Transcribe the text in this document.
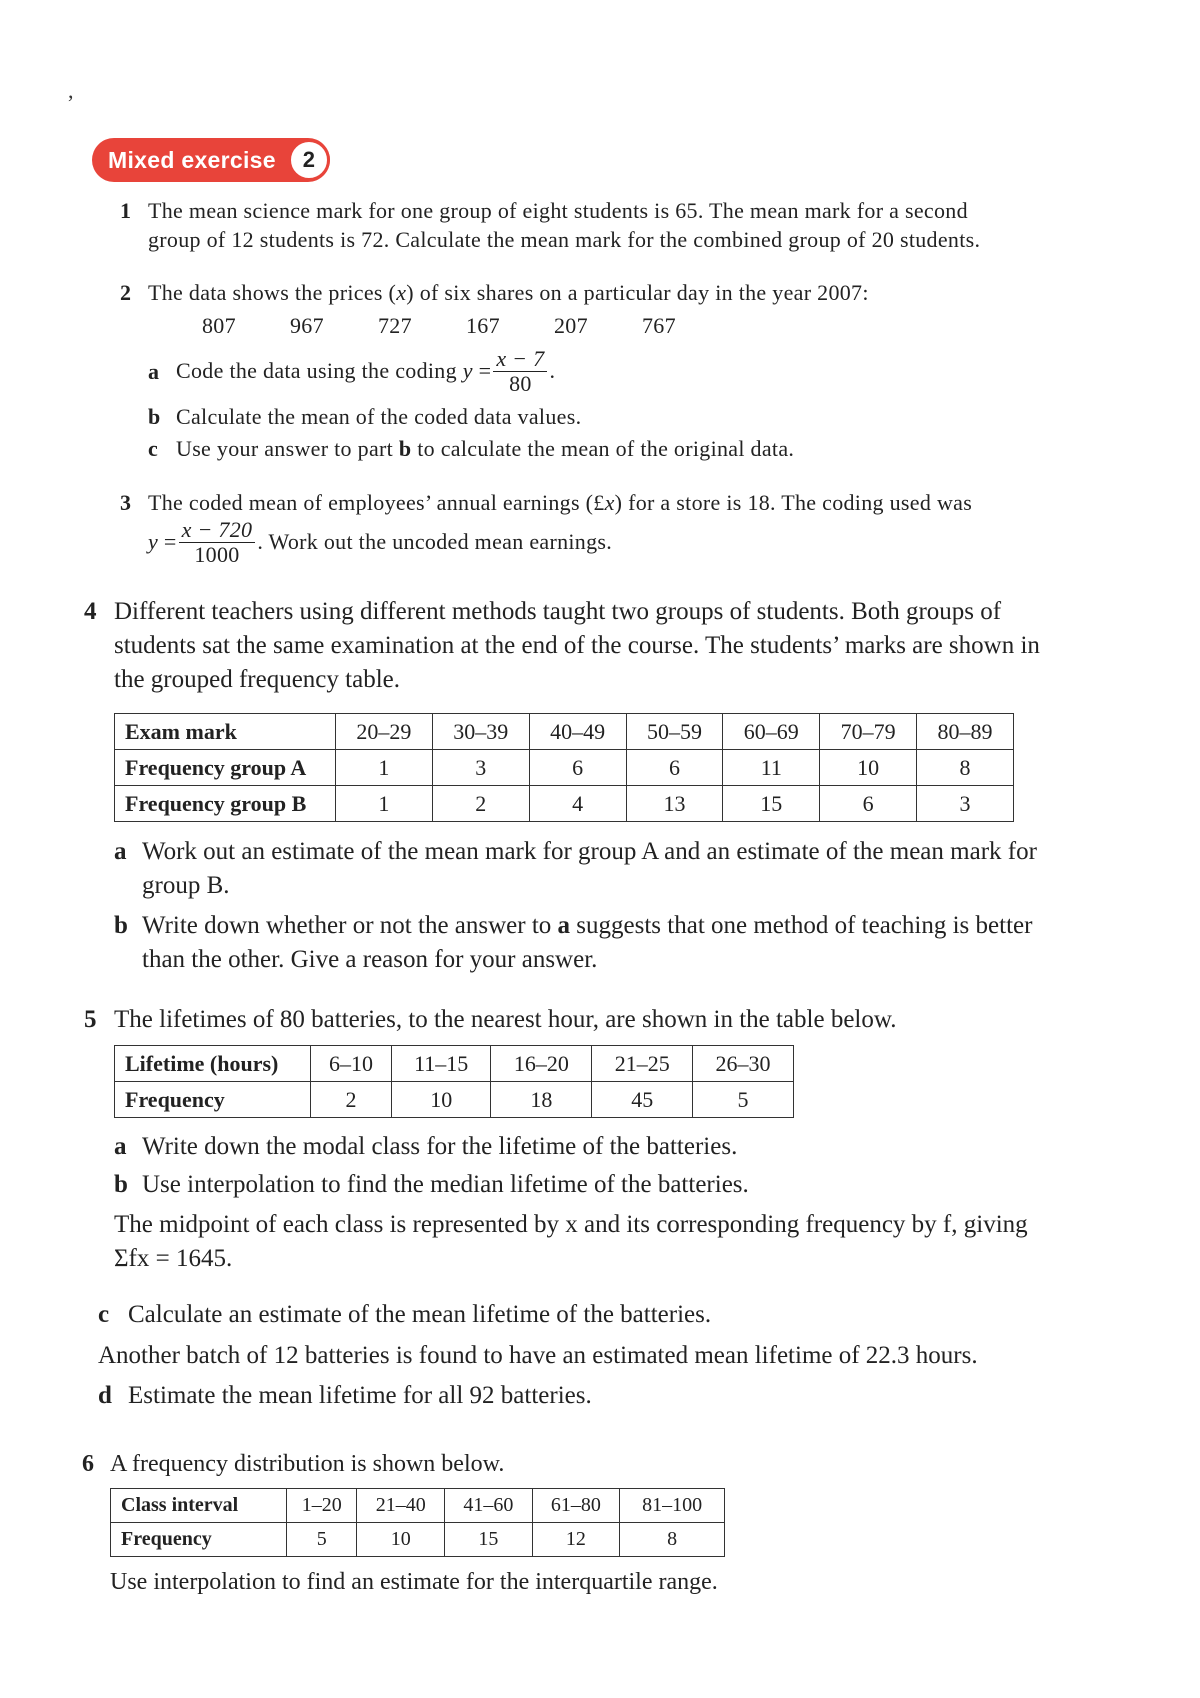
,
Mixed exercise	2
1 The mean science mark for one group of eight students is 65. The mean mark for a second
group of 12 students is 72. Calculate the mean mark for the combined group of 20 students.
2 The data shows the prices (x) of six shares on a particular day in the year 2007:
807	967	727	167	207	767
a Code the data using the coding
y
= $\frac{x - 7}{80}$ .
b Calculate the mean of the coded data values.
c Use your answer to part b to calculate the mean of the original data.
3 The coded mean of employees’ annual earnings (£x) for a store is 18. The coding used was
y
= $\frac{x - 720}{1000}$ . Work out the uncoded mean earnings.
4 Different teachers using different methods taught two groups of students. Both groups of
students sat the same examination at the end of the course. The students’ marks are shown in
the grouped frequency table.
Exam mark	20–29	30–39	40–49	50–59	60–69	70–79	80–89
Frequency group A	1	3	6	6	11	10	8
Frequency group B	1	2	4	13	15	6	3
a Work out an estimate of the mean mark for group A and an estimate of the mean mark for
group B.
b Write down whether or not the answer to a suggests that one method of teaching is better
than the other. Give a reason for your answer.
5 The lifetimes of 80 batteries, to the nearest hour, are shown in the table below.
Lifetime (hours)	6–10	11–15	16–20	21–25	26–30
Frequency	2	10	18	45	5
a Write down the modal class for the lifetime of the batteries.
b Use interpolation to find the median lifetime of the batteries.
The midpoint of each class is represented by x and its corresponding frequency by f, giving
Σfx = 1645.
c Calculate an estimate of the mean lifetime of the batteries.
Another batch of 12 batteries is found to have an estimated mean lifetime of 22.3 hours.
d Estimate the mean lifetime for all 92 batteries.
6 A frequency distribution is shown below.
Class interval	1–20	21–40	41–60	61–80	81–100
Frequency	5	10	15	12	8
Use interpolation to find an estimate for the interquartile range.
